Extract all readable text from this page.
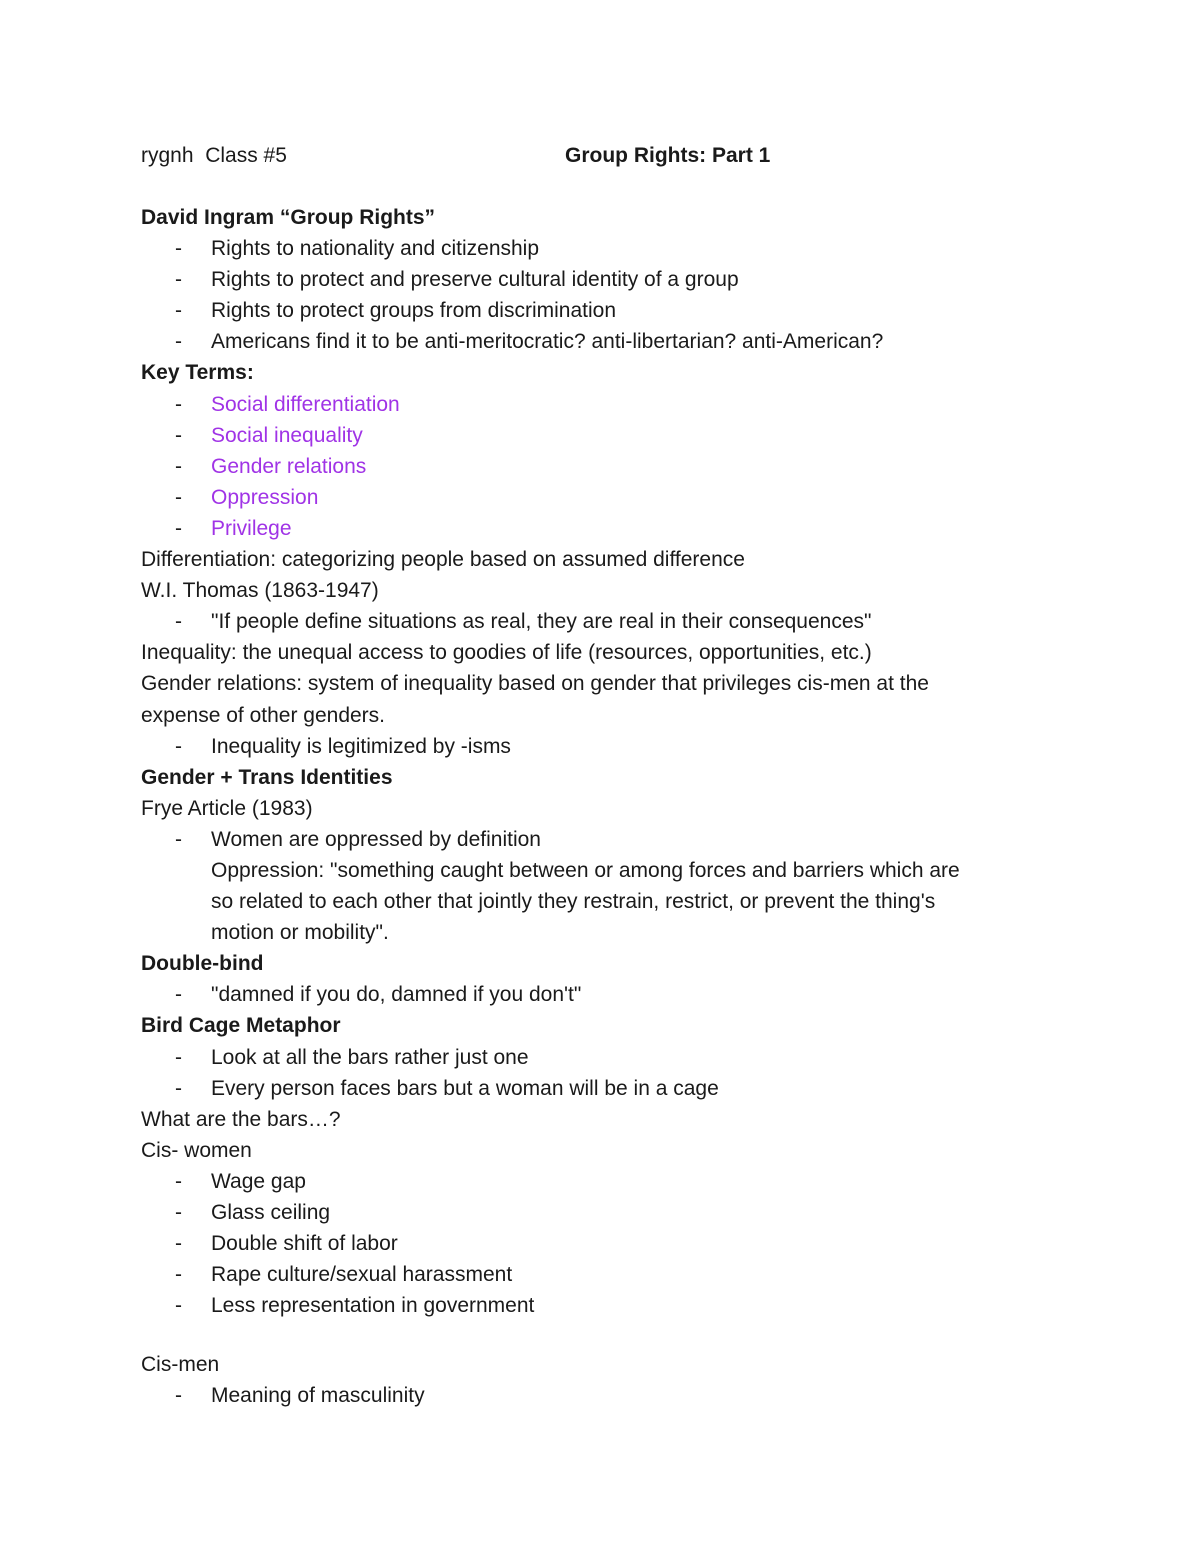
rygnh  Class #5	Group Rights: Part 1
David Ingram “Group Rights”
- Rights to nationality and citizenship
- Rights to protect and preserve cultural identity of a group
- Rights to protect groups from discrimination
- Americans find it to be anti-meritocratic? anti-libertarian? anti-American?
Key Terms:
- Social differentiation
- Social inequality
- Gender relations
- Oppression
- Privilege
Differentiation: categorizing people based on assumed difference
W.I. Thomas (1863-1947)
- "If people define situations as real, they are real in their consequences"
Inequality: the unequal access to goodies of life (resources, opportunities, etc.)
Gender relations: system of inequality based on gender that privileges cis-men at the
expense of other genders.
- Inequality is legitimized by -isms
Gender + Trans Identities
Frye Article (1983)
- Women are oppressed by definition
Oppression: "something caught between or among forces and barriers which are
so related to each other that jointly they restrain, restrict, or prevent the thing's
motion or mobility".
Double-bind
- "damned if you do, damned if you don't"
Bird Cage Metaphor
- Look at all the bars rather just one
- Every person faces bars but a woman will be in a cage
What are the bars…?
Cis- women
- Wage gap
- Glass ceiling
- Double shift of labor
- Rape culture/sexual harassment
- Less representation in government
Cis-men
- Meaning of masculinity
